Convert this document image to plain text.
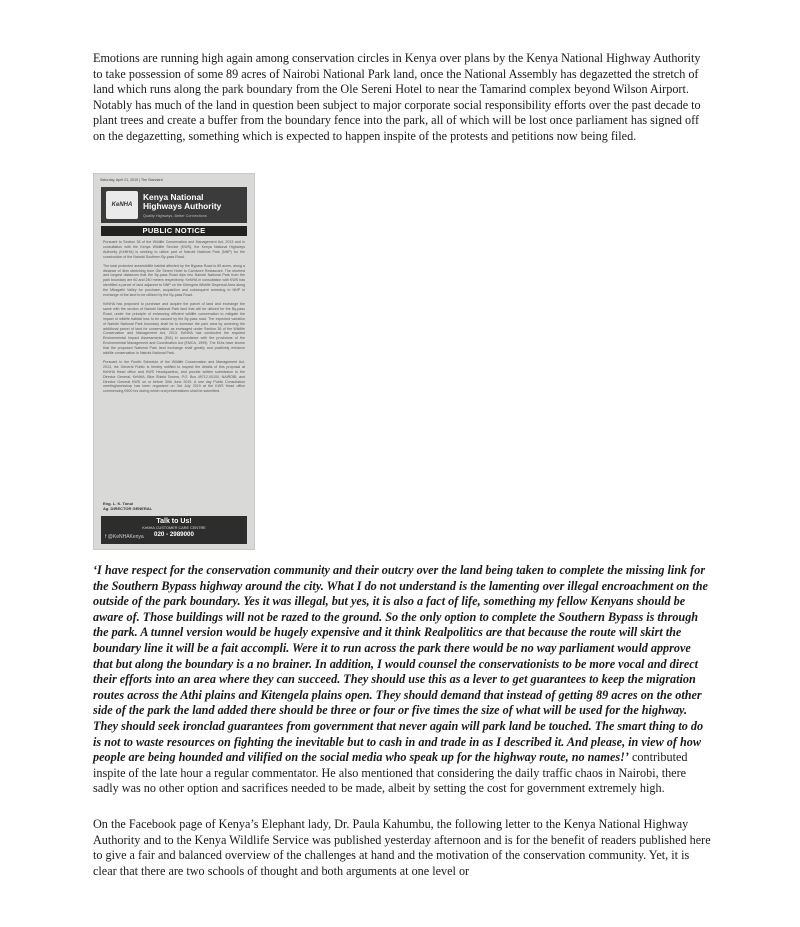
Emotions are running high again among conservation circles in Kenya over plans by the Kenya National Highway Authority to take possession of some 89 acres of Nairobi National Park land, once the National Assembly has degazetted the stretch of land which runs along the park boundary from the Ole Sereni Hotel to near the Tamarind complex beyond Wilson Airport. Notably has much of the land in question been subject to major corporate social responsibility efforts over the past decade to plant trees and create a buffer from the boundary fence into the park, all of which will be lost once parliament has signed off on the degazetting, something which is expected to happen inspite of the protests and petitions now being filed.

Saturday, April 21, 2019 | The Standard
KeNHA
Kenya National Highways Authority
Quality Highways, Better Connections
PUBLIC NOTICE

Pursuant to Section 38 of the Wildlife Conservation and Management Act, 2013 and in consultation with the Kenya Wildlife Service (KWS), the Kenya National Highways Authority (KeNHA) is seeking to utilize part of Nairobi National Park (NNP) for the construction of the Nairobi Southern By-pass Road.

The total protected area/wildlife habitat affected by the Bypass Road is 89 acres, along a distance of 4km stretching from Ole Sereni Hotel to Carnivore Restaurant. The shortest and longest distances that the By-pass Road dips into Nairobi National Park from the park boundary are 60 and 240 meters respectively. KeNHA in consultation with KWS has identified a parcel of land adjacent to NNP on the Kitengela Wildlife Dispersal Area along the Mbagathi Valley for purchase, acquisition and subsequent annexing to NNP in exchange of the land to be utilized by the By-pass Road.

KeNHA has proposed to purchase and acquire the parcel of land and exchange the same with the section of Nairobi National Park land that will be utilized for the By-pass Road, under the principle of enhancing efficient wildlife conservation to mitigate the impact of wildlife habitat loss to be caused by the By-pass road. The expected variation of Nairobi National Park boundary shall be to increase the park area by annexing the additional parcel of land for conservation as envisaged under Section 38 of the Wildlife Conservation and Management Act, 2013. KeNHA has conducted the required Environmental Impact Assessments (EIA) in accordance with the provisions of the Environmental Management and Coordination Act (EMCA, 1999). The EIAs have shown that the proposed National Park land exchange shall greatly and positively enhance wildlife conservation in Nairobi National Park.

Pursuant to the Fourth Schedule of the Wildlife Conservation and Management Act, 2013, the General Public is hereby notified to inspect the details of this proposal at KeNHA Head office and KWS Headquarters, and provide written submission to the Director General, KeNHA, Blue Shield Towers, P.O. Box 49712-00100, NAIROBI, and Director General KWS on or before 30th June 2019. A one day Public Consultation meeting/workshop has been organized on 3rd July 2019 at the KWS Head office commencing 0900 hrs during which oral presentations shall be submitted.

Eng. L. K. Tonui
Ag. DIRECTOR GENERAL
f @KeNHAKenya
Talk to Us!
KeNHA CUSTOMER CARE CENTRE
020 - 2989000

‘I have respect for the conservation community and their outcry over the land being taken to complete the missing link for the Southern Bypass highway around the city. What I do not understand is the lamenting over illegal encroachment on the outside of the park boundary. Yes it was illegal, but yes, it is also a fact of life, something my fellow Kenyans should be aware of. Those buildings will not be razed to the ground. So the only option to complete the Southern Bypass is through the park. A tunnel version would be hugely expensive and it think Realpolitics are that because the route will skirt the boundary line it will be a fait accompli. Were it to run across the park there would be no way parliament would approve that but along the boundary is a no brainer. In addition, I would counsel the conservationists to be more vocal and direct their efforts into an area where they can succeed. They should use this as a lever to get guarantees to keep the migration routes across the Athi plains and Kitengela plains open. They should demand that instead of getting 89 acres on the other side of the park the land added there should be three or four or five times the size of what will be used for the highway. They should seek ironclad guarantees from government that never again will park land be touched. The smart thing to do is not to waste resources on fighting the inevitable but to cash in and trade in as I described it. And please, in view of how people are being hounded and vilified on the social media who speak up for the highway route, no names!’ contributed inspite of the late hour a regular commentator. He also mentioned that considering the daily traffic chaos in Nairobi, there sadly was no other option and sacrifices needed to be made, albeit by setting the cost for government extremely high.

On the Facebook page of Kenya’s Elephant lady, Dr. Paula Kahumbu, the following letter to the Kenya National Highway Authority and to the Kenya Wildlife Service was published yesterday afternoon and is for the benefit of readers published here to give a fair and balanced overview of the challenges at hand and the motivation of the conservation community. Yet, it is clear that there are two schools of thought and both arguments at one level or
